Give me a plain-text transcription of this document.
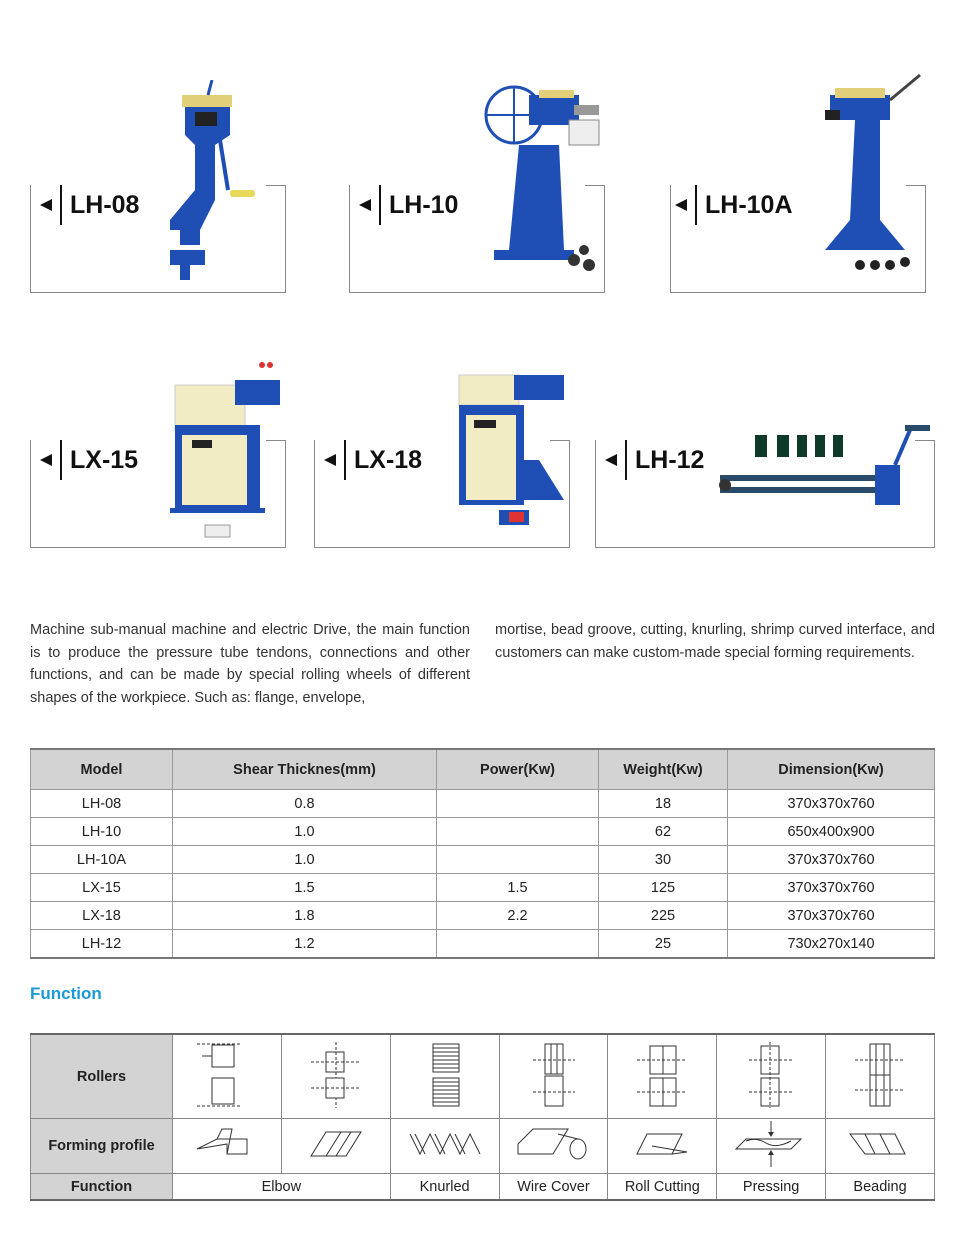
LH-08	LH-10	LH-10A
LX-15	LX-18	LH-12
Machine sub-manual machine and electric Drive, the main function is to produce the pressure tube tendons, connections and other functions, and can be made by special rolling wheels of different shapes of the workpiece. Such as: flange, envelope,
mortise, bead groove, cutting, knurling, shrimp curved interface, and customers can make custom-made special forming requirements.
Model	Shear Thicknes(mm)	Power(Kw)	Weight(Kw)	Dimension(Kw)
LH-08	0.8		18	370x370x760
LH-10	1.0		62	650x400x900
LH-10A	1.0		30	370x370x760
LX-15	1.5	1.5	125	370x370x760
LX-18	1.8	2.2	225	370x370x760
LH-12	1.2		25	730x270x140
Function
Rollers							
Forming profile							
Function	Elbow		Knurled	Wire Cover	Roll Cutting	Pressing	Beading
